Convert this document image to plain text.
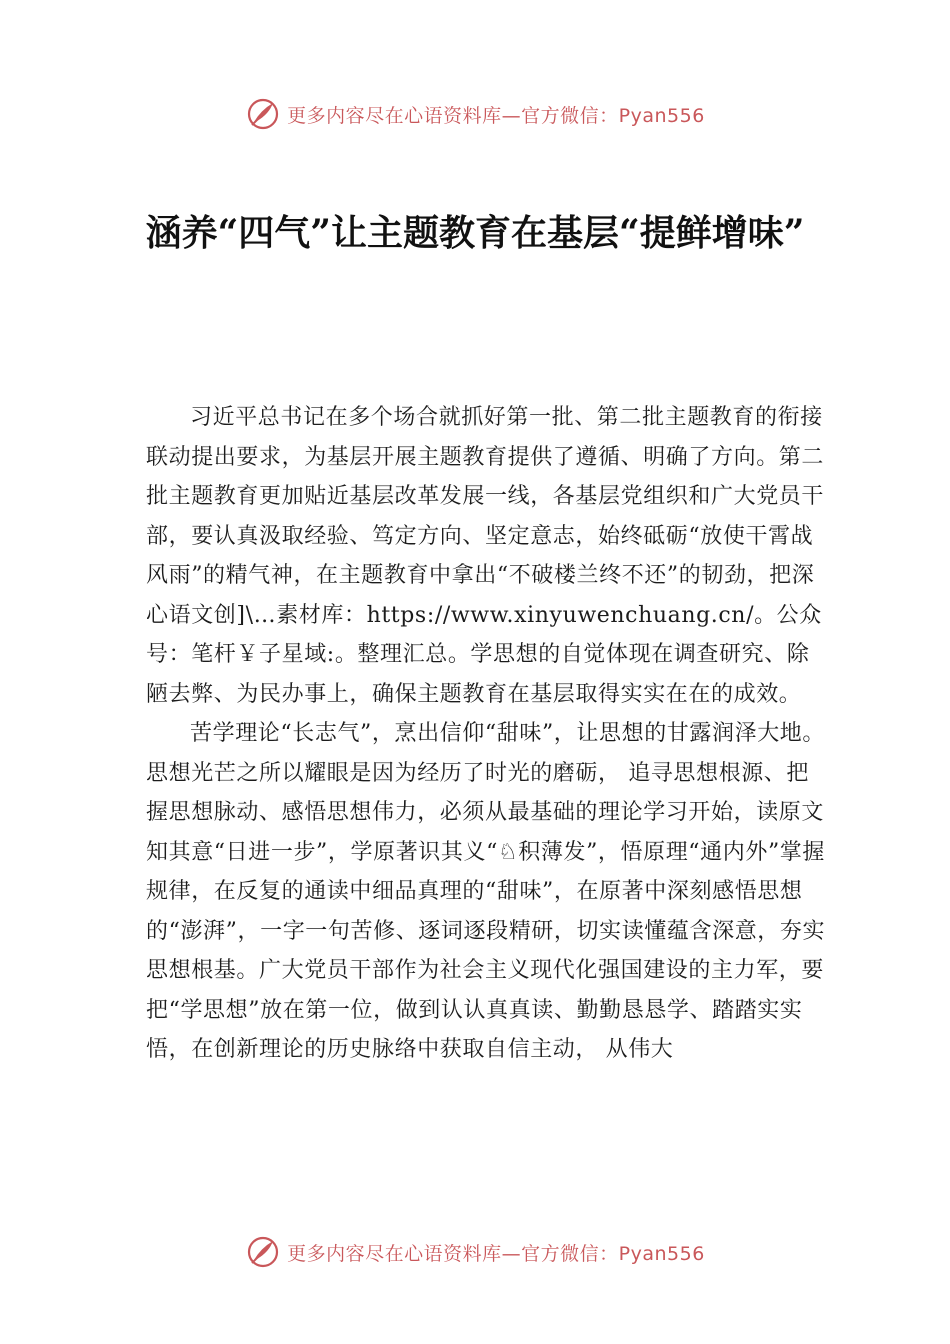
更多内容尽在心语资料库—官方微信：Pyan556
涵养“四气”让主题教育在基层“提鲜增味”

习近平总书记在多个场合就抓好第一批、第二批主题教育的衔接联动提出要求，为基层开展主题教育提供了遵循、明确了方向。第二批主题教育更加贴近基层改革发展一线，各基层党组织和广大党员干部，要认真汲取经验、笃定方向、坚定意志，始终砥砺“放使干霄战风雨”的精气神，在主题教育中拿出“不破楼兰终不还”的韧劲，把深心语文创]\…素材库：https://www.xinyuwenchuang.cn/。公众号：笔杆￥子星域:。整理汇总。学思想的自觉体现在调查研究、除陋去弊、为民办事上，确保主题教育在基层取得实实在在的成效。

苦学理论“长志气”，烹出信仰“甜味”，让思想的甘露润泽大地。思想光芒之所以耀眼是因为经历了时光的磨砺， 追寻思想根源、把握思想脉动、感悟思想伟力，必须从最基础的理论学习开始，读原文知其意“日进一步”，学原著识其义“♘积薄发”，悟原理“通内外”掌握规律，在反复的通读中细品真理的“甜味”，在原著中深刻感悟思想的“澎湃”，一字一句苦修、逐词逐段精研，切实读懂蕴含深意，夯实思想根基。广大党员干部作为社会主义现代化强国建设的主力军，要把“学思想”放在第一位，做到认认真真读、勤勤恳恳学、踏踏实实悟，在创新理论的历史脉络中获取自信主动， 从伟大

更多内容尽在心语资料库—官方微信：Pyan556
